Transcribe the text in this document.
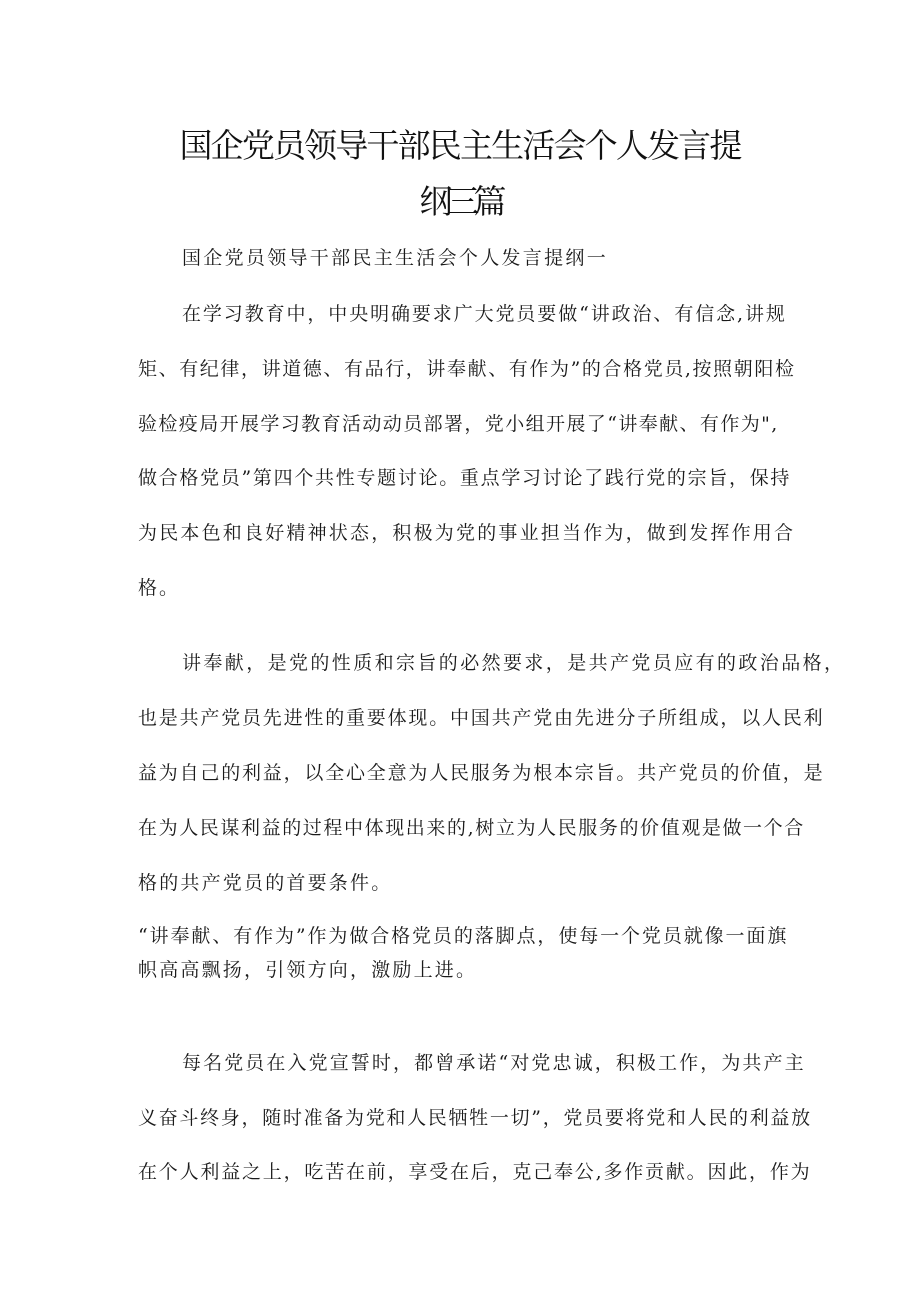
国企党员领导干部民主生活会个人发言提
纲三篇
国企党员领导干部民主生活会个人发言提纲一
在学习教育中，中央明确要求广大党员要做“讲政治、有信念,讲规
矩、有纪律，讲道德、有品行，讲奉献、有作为”的合格党员,按照朝阳检
验检疫局开展学习教育活动动员部署，党小组开展了“讲奉献、有作为",
做合格党员”第四个共性专题讨论。重点学习讨论了践行党的宗旨，保持
为民本色和良好精神状态，积极为党的事业担当作为，做到发挥作用合
格。
讲奉献，是党的性质和宗旨的必然要求，是共产党员应有的政治品格，
也是共产党员先进性的重要体现。中国共产党由先进分子所组成，以人民利
益为自己的利益，以全心全意为人民服务为根本宗旨。共产党员的价值，是
在为人民谋利益的过程中体现出来的,树立为人民服务的价值观是做一个合
格的共产党员的首要条件。
“讲奉献、有作为”作为做合格党员的落脚点，使每一个党员就像一面旗
帜高高飘扬，引领方向，激励上进。
每名党员在入党宣誓时，都曾承诺“对党忠诚，积极工作，为共产主
义奋斗终身，随时准备为党和人民牺牲一切”，党员要将党和人民的利益放
在个人利益之上，吃苦在前，享受在后，克己奉公,多作贡献。因此，作为
